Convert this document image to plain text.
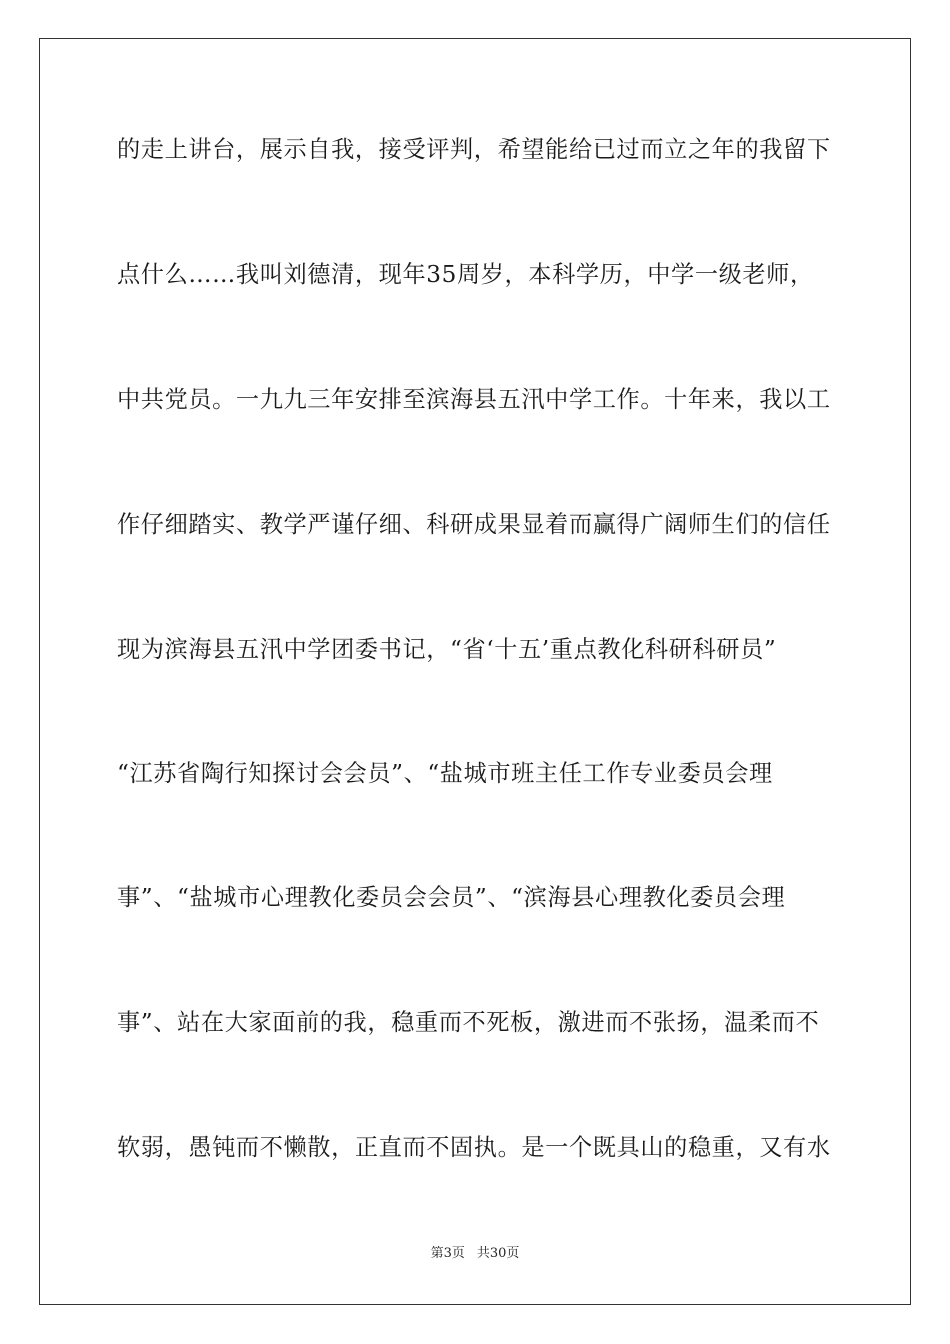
的走上讲台，展示自我，接受评判，希望能给已过而立之年的我留下
点什么……我叫刘德清，现年35周岁，本科学历，中学一级老师，
中共党员。一九九三年安排至滨海县五汛中学工作。十年来，我以工
作仔细踏实、教学严谨仔细、科研成果显着而赢得广阔师生们的信任
现为滨海县五汛中学团委书记，“省‘十五’重点教化科研科研员”
“江苏省陶行知探讨会会员”、“盐城市班主任工作专业委员会理
事”、“盐城市心理教化委员会会员”、“滨海县心理教化委员会理
事”、站在大家面前的我，稳重而不死板，激进而不张扬，温柔而不
软弱，愚钝而不懒散，正直而不固执。是一个既具山的稳重，又有水
第3页 共30页
